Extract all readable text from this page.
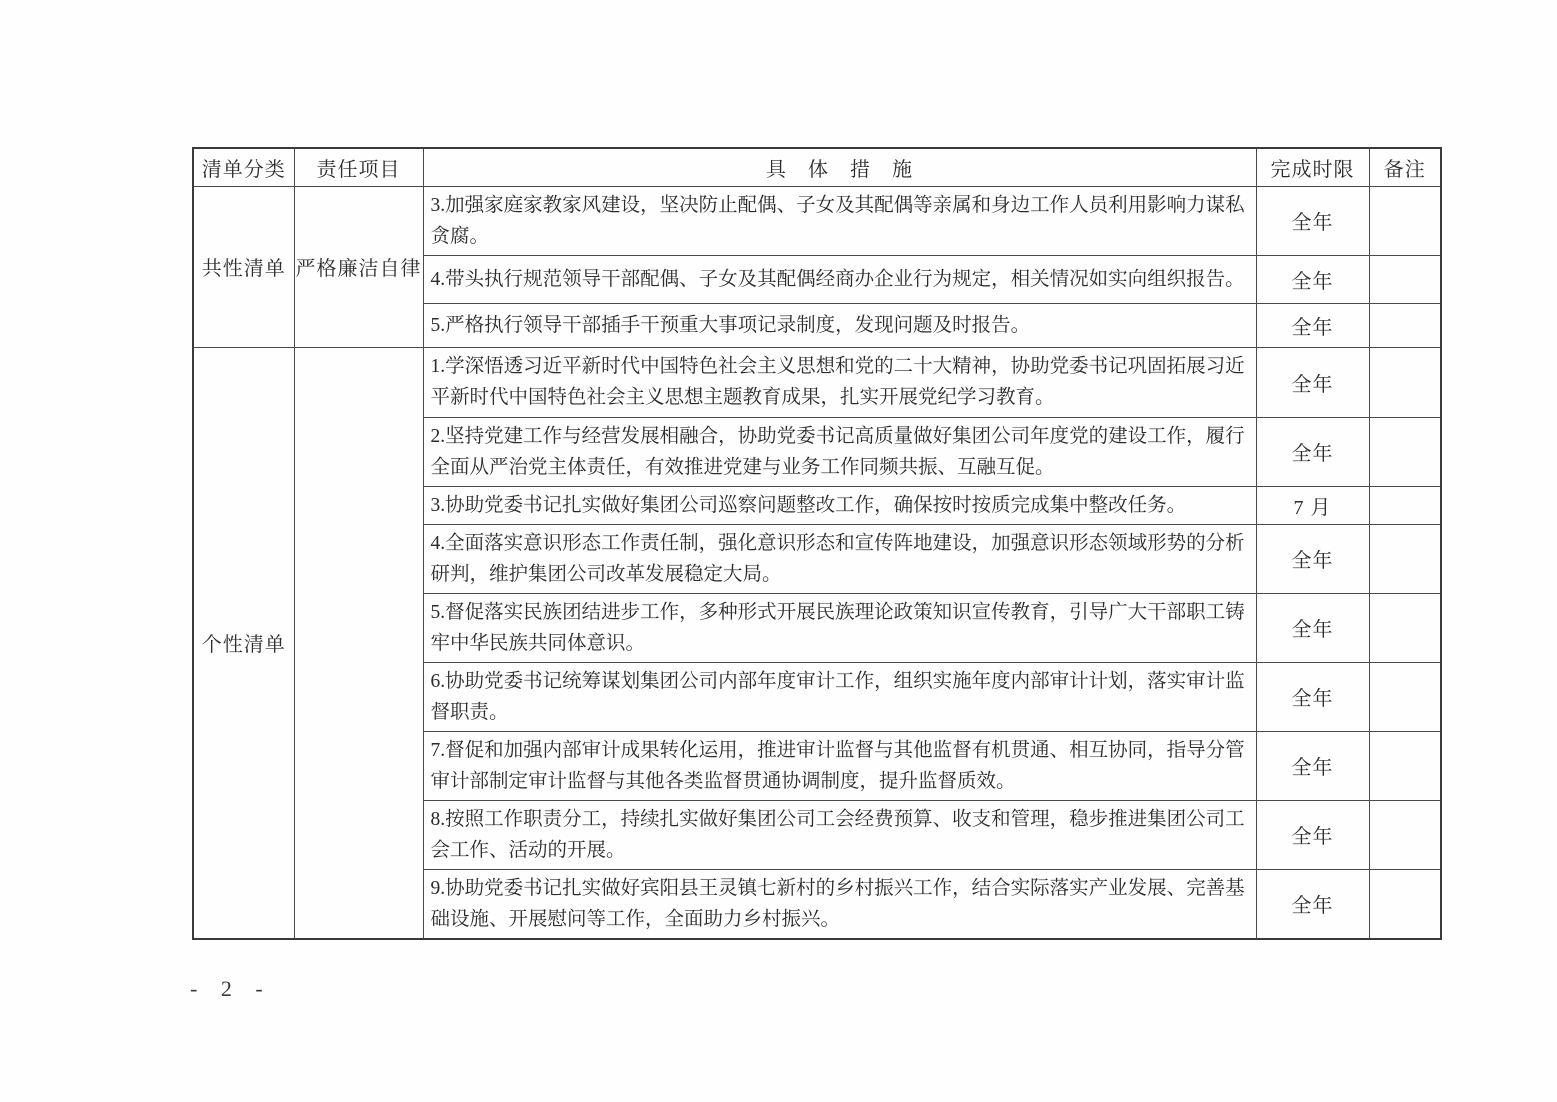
清单分类	责任项目	具　体　措　施	完成时限	备注
共性清单	严格廉洁自律	3.加强家庭家教家风建设，坚决防止配偶、子女及其配偶等亲属和身边工作人员利用影响力谋私贪腐。	全年	
		4.带头执行规范领导干部配偶、子女及其配偶经商办企业行为规定，相关情况如实向组织报告。	全年	
		5.严格执行领导干部插手干预重大事项记录制度，发现问题及时报告。	全年	
个性清单		1.学深悟透习近平新时代中国特色社会主义思想和党的二十大精神，协助党委书记巩固拓展习近平新时代中国特色社会主义思想主题教育成果，扎实开展党纪学习教育。	全年	
		2.坚持党建工作与经营发展相融合，协助党委书记高质量做好集团公司年度党的建设工作，履行全面从严治党主体责任，有效推进党建与业务工作同频共振、互融互促。	全年	
		3.协助党委书记扎实做好集团公司巡察问题整改工作，确保按时按质完成集中整改任务。	7 月	
		4.全面落实意识形态工作责任制，强化意识形态和宣传阵地建设，加强意识形态领域形势的分析研判，维护集团公司改革发展稳定大局。	全年	
		5.督促落实民族团结进步工作，多种形式开展民族理论政策知识宣传教育，引导广大干部职工铸牢中华民族共同体意识。	全年	
		6.协助党委书记统筹谋划集团公司内部年度审计工作，组织实施年度内部审计计划，落实审计监督职责。	全年	
		7.督促和加强内部审计成果转化运用，推进审计监督与其他监督有机贯通、相互协同，指导分管审计部制定审计监督与其他各类监督贯通协调制度，提升监督质效。	全年	
		8.按照工作职责分工，持续扎实做好集团公司工会经费预算、收支和管理，稳步推进集团公司工会工作、活动的开展。	全年	
		9.协助党委书记扎实做好宾阳县王灵镇七新村的乡村振兴工作，结合实际落实产业发展、完善基础设施、开展慰问等工作，全面助力乡村振兴。	全年	
- 2 -
